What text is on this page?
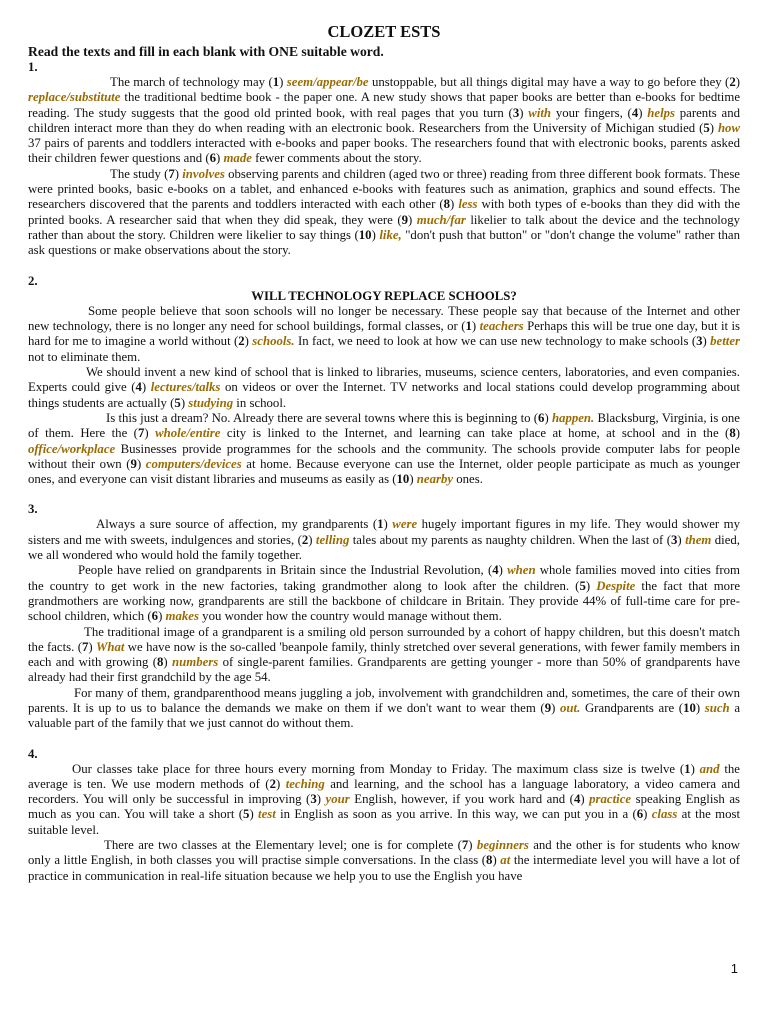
CLOZET ESTS

Read the texts and fill in each blank with ONE suitable word.

1.

The march of technology may (1) seem/appear/be unstoppable, but all things digital may have a way to go before they (2) replace/substitute the traditional bedtime book - the paper one. A new study shows that paper books are better than e-books for bedtime reading. The study suggests that the good old printed book, with real pages that you turn (3) with your fingers, (4) helps parents and children interact more than they do when reading with an electronic book. Researchers from the University of Michigan studied (5) how 37 pairs of parents and toddlers interacted with e-books and paper books. The researchers found that with electronic books, parents asked their children fewer questions and (6) made fewer comments about the story.

The study (7) involves observing parents and children (aged two or three) reading from three different book formats. These were printed books, basic e-books on a tablet, and enhanced e-books with features such as animation, graphics and sound effects. The researchers discovered that the parents and toddlers interacted with each other (8) less with both types of e-books than they did with the printed books. A researcher said that when they did speak, they were (9) much/far likelier to talk about the device and the technology rather than about the story. Children were likelier to say things (10) like, "don't push that button" or "don't change the volume" rather than ask questions or make observations about the story.

2.

WILL TECHNOLOGY REPLACE SCHOOLS?

Some people believe that soon schools will no longer be necessary. These people say that because of the Internet and other new technology, there is no longer any need for school buildings, formal classes, or (1) teachers Perhaps this will be true one day, but it is hard for me to imagine a world without (2) schools. In fact, we need to look at how we can use new technology to make schools (3) better not to eliminate them.

We should invent a new kind of school that is linked to libraries, museums, science centers, laboratories, and even companies. Experts could give (4) lectures/talks on videos or over the Internet. TV networks and local stations could develop programming about things students are actually (5) studying in school.

Is this just a dream? No. Already there are several towns where this is beginning to (6) happen. Blacksburg, Virginia, is one of them. Here the (7) whole/entire city is linked to the Internet, and learning can take place at home, at school and in the (8) office/workplace Businesses provide programmes for the schools and the community. The schools provide computer labs for people without their own (9) computers/devices at home. Because everyone can use the Internet, older people participate as much as younger ones, and everyone can visit distant libraries and museums as easily as (10) nearby ones.

3.

Always a sure source of affection, my grandparents (1) were hugely important figures in my life. They would shower my sisters and me with sweets, indulgences and stories, (2) telling tales about my parents as naughty children. When the last of (3) them died, we all wondered who would hold the family together.

People have relied on grandparents in Britain since the Industrial Revolution, (4) when whole families moved into cities from the country to get work in the new factories, taking grandmother along to look after the children. (5) Despite the fact that more grandmothers are working now, grandparents are still the backbone of childcare in Britain. They provide 44% of full-time care for pre- school children, which (6) makes you wonder how the country would manage without them.

The traditional image of a grandparent is a smiling old person surrounded by a cohort of happy children, but this doesn't match the facts. (7) What we have now is the so-called 'beanpole family, thinly stretched over several generations, with fewer family members in each and with growing (8) numbers of single-parent families. Grandparents are getting younger - more than 50% of grandparents have already had their first grandchild by the age 54.

For many of them, grandparenthood means juggling a job, involvement with grandchildren and, sometimes, the care of their own parents. It is up to us to balance the demands we make on them if we don't want to wear them (9) out. Grandparents are (10) such a valuable part of the family that we just cannot do without them.

4.

Our classes take place for three hours every morning from Monday to Friday. The maximum class size is twelve (1) and the average is ten. We use modern methods of (2) teching and learning, and the school has a language laboratory, a video camera and recorders. You will only be successful in improving (3) your English, however, if you work hard and (4) practice speaking English as much as you can. You will take a short (5) test in English as soon as you arrive. In this way, we can put you in a (6) class at the most suitable level.

There are two classes at the Elementary level; one is for complete (7) beginners and the other is for students who know only a little English, in both classes you will practise simple conversations. In the class (8) at the intermediate level you will have a lot of practice in communication in real-life situation because we help you to use the English you have

1
